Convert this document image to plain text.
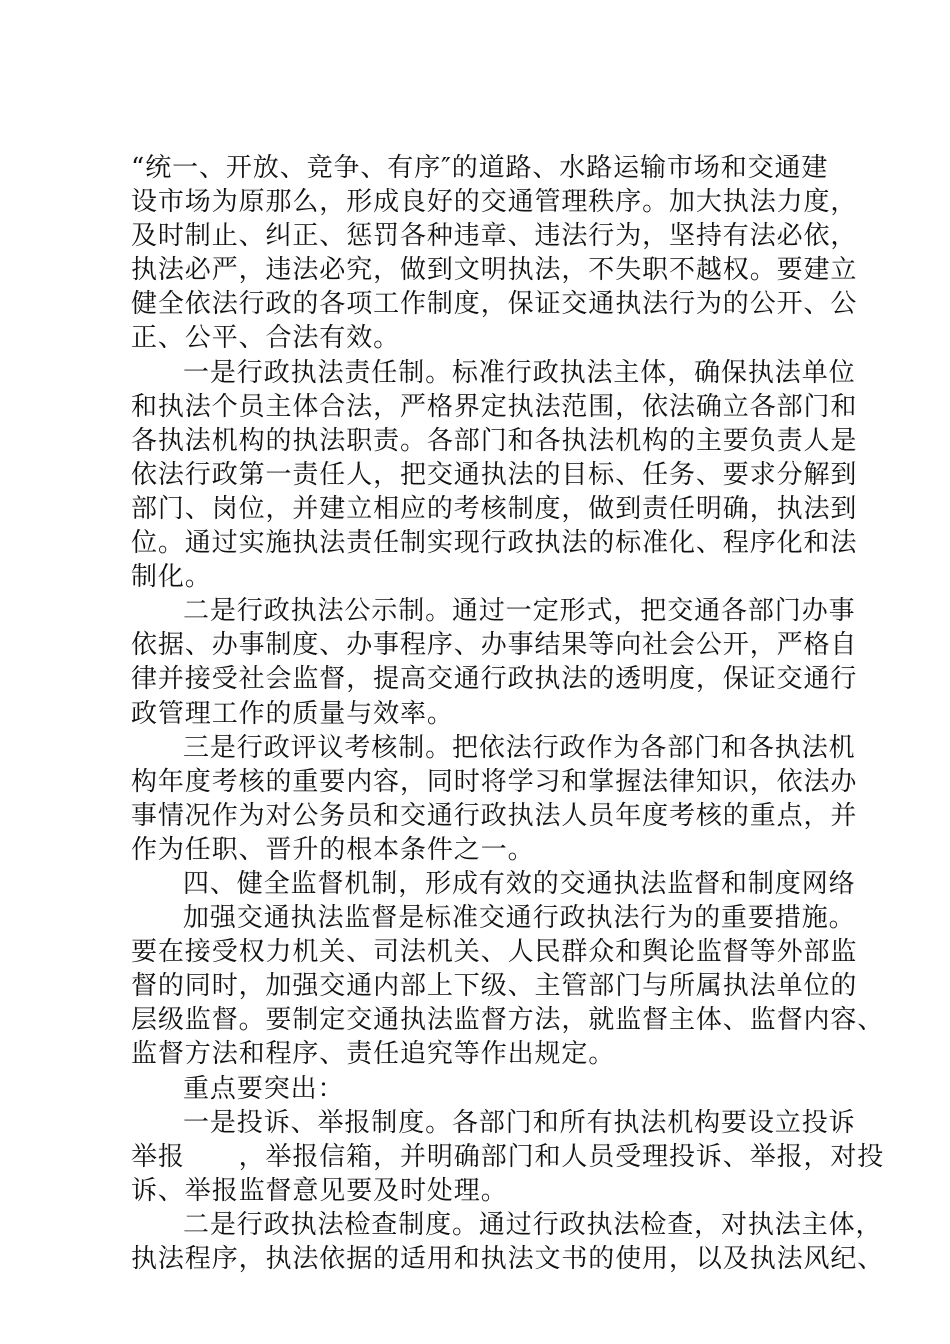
“统一、开放、竞争、有序″的道路、水路运输市场和交通建
设市场为原那么，形成良好的交通管理秩序。加大执法力度，
及时制止、纠正、惩罚各种违章、违法行为，坚持有法必依，
执法必严，违法必究，做到文明执法，不失职不越权。要建立
健全依法行政的各项工作制度，保证交通执法行为的公开、公
正、公平、合法有效。
一是行政执法责任制。标准行政执法主体，确保执法单位
和执法个员主体合法，严格界定执法范围，依法确立各部门和
各执法机构的执法职责。各部门和各执法机构的主要负责人是
依法行政第一责任人，把交通执法的目标、任务、要求分解到
部门、岗位，并建立相应的考核制度，做到责任明确，执法到
位。通过实施执法责任制实现行政执法的标准化、程序化和法
制化。
二是行政执法公示制。通过一定形式，把交通各部门办事
依据、办事制度、办事程序、办事结果等向社会公开，严格自
律并接受社会监督，提高交通行政执法的透明度，保证交通行
政管理工作的质量与效率。
三是行政评议考核制。把依法行政作为各部门和各执法机
构年度考核的重要内容，同时将学习和掌握法律知识，依法办
事情况作为对公务员和交通行政执法人员年度考核的重点，并
作为任职、晋升的根本条件之一。
四、健全监督机制，形成有效的交通执法监督和制度网络
加强交通执法监督是标准交通行政执法行为的重要措施。
要在接受权力机关、司法机关、人民群众和舆论监督等外部监
督的同时，加强交通内部上下级、主管部门与所属执法单位的
层级监督。要制定交通执法监督方法，就监督主体、监督内容、
监督方法和程序、责任追究等作出规定。
重点要突出：
一是投诉、举报制度。各部门和所有执法机构要设立投诉
举报　　，举报信箱，并明确部门和人员受理投诉、举报，对投
诉、举报监督意见要及时处理。
二是行政执法检查制度。通过行政执法检查，对执法主体，
执法程序，执法依据的适用和执法文书的使用，以及执法风纪、
